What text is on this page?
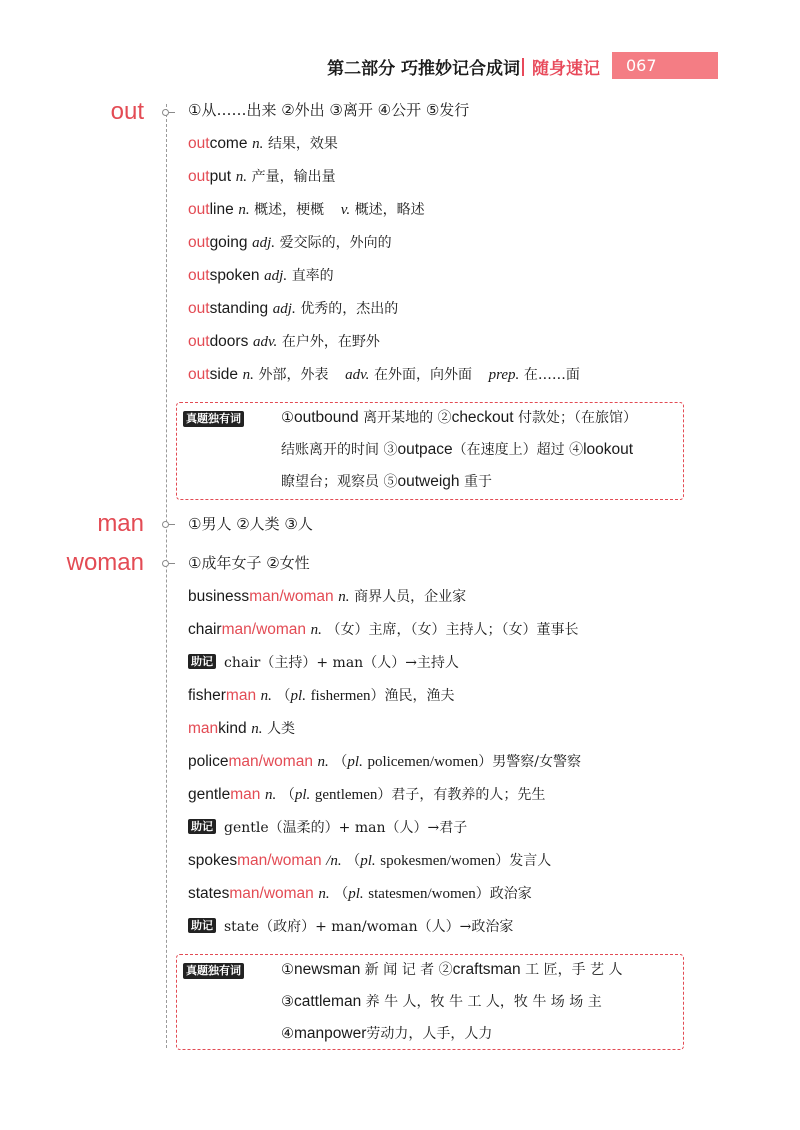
第二部分 巧推妙记合成词 随身速记	067
out	①从……出来 ②外出 ③离开 ④公开 ⑤发行
outcome n. 结果，效果
output n. 产量，输出量
outline n. 概述，梗概 v. 概述，略述
outgoing adj. 爱交际的，外向的
outspoken adj. 直率的
outstanding adj. 优秀的，杰出的
outdoors adv. 在户外，在野外
outside n. 外部，外表 adv. 在外面，向外面 prep. 在……面
真题独有词	①outbound 离开某地的 ②checkout 付款处；（在旅馆）
结账离开的时间 ③outpace（在速度上）超过 ④lookout
瞭望台；观察员 ⑤outweigh 重于
man	①男人 ②人类 ③人
woman	①成年女子 ②女性
businessman/woman n. 商界人员，企业家
chairman/woman n. （女）主席，（女）主持人；（女）董事长
助记 chair（主持）+ man（人）→主持人
fisherman n. （pl. fishermen）渔民，渔夫
mankind n. 人类
policeman/woman n. （pl. policemen/women）男警察/女警察
gentleman n. （pl. gentlemen）君子，有教养的人；先生
助记 gentle（温柔的）+ man（人）→君子
spokesman/woman /n. （pl. spokesmen/women）发言人
statesman/woman n. （pl. statesmen/women）政治家
助记 state（政府）+ man/woman（人）→政治家
真题独有词	①newsman 新 闻 记 者 ②craftsman 工 匠，手 艺 人
③cattleman 养 牛 人，牧 牛 工 人，牧 牛 场 场 主
④manpower劳动力，人手，人力
